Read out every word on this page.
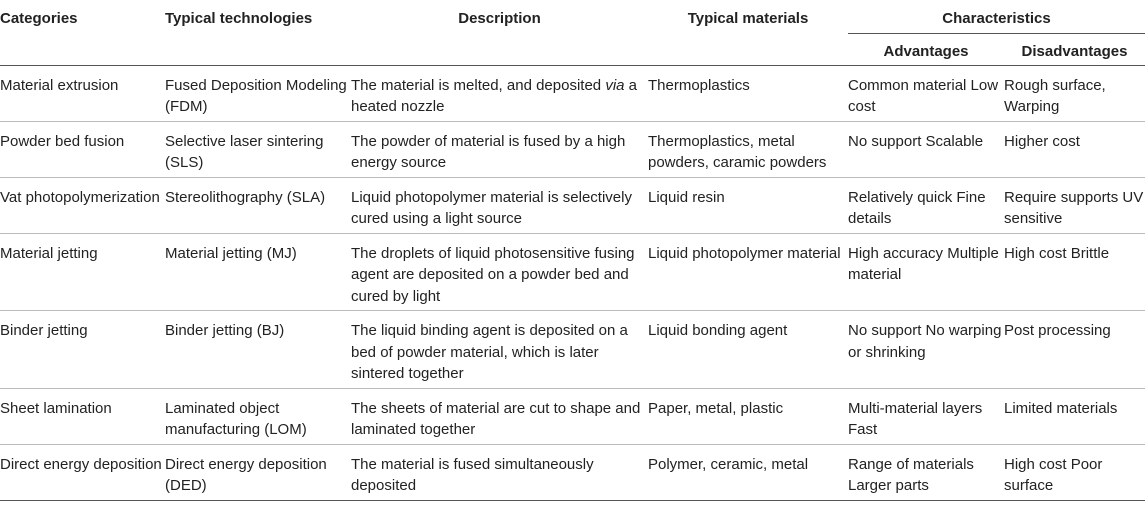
Categories	Typical technologies	Description	Typical materials	Characteristics	

				Advantages	Disadvantages

Material extrusion	Fused Deposition Modeling (FDM)	The material is melted, and deposited via a heated nozzle	Thermoplastics	Common material Low cost	Rough surface, Warping

Powder bed fusion	Selective laser sintering (SLS)	The powder of material is fused by a high energy source	Thermoplastics, metal powders, caramic powders	No support Scalable	Higher cost

Vat photopolymerization	Stereolithography (SLA)	Liquid photopolymer material is selectively cured using a light source	Liquid resin	Relatively quick Fine details	Require supports UV sensitive

Material jetting	Material jetting (MJ)	The droplets of liquid photosensitive fusing agent are deposited on a powder bed and cured by light	Liquid photopolymer material	High accuracy Multiple material	High cost Brittle

Binder jetting	Binder jetting (BJ)	The liquid binding agent is deposited on a bed of powder material, which is later sintered together	Liquid bonding agent	No support No warping or shrinking	Post processing

Sheet lamination	Laminated object manufacturing (LOM)	The sheets of material are cut to shape and laminated together	Paper, metal, plastic	Multi-material layers Fast	Limited materials

Direct energy deposition	Direct energy deposition (DED)	The material is fused simultaneously deposited	Polymer, ceramic, metal	Range of materials Larger parts	High cost Poor surface
